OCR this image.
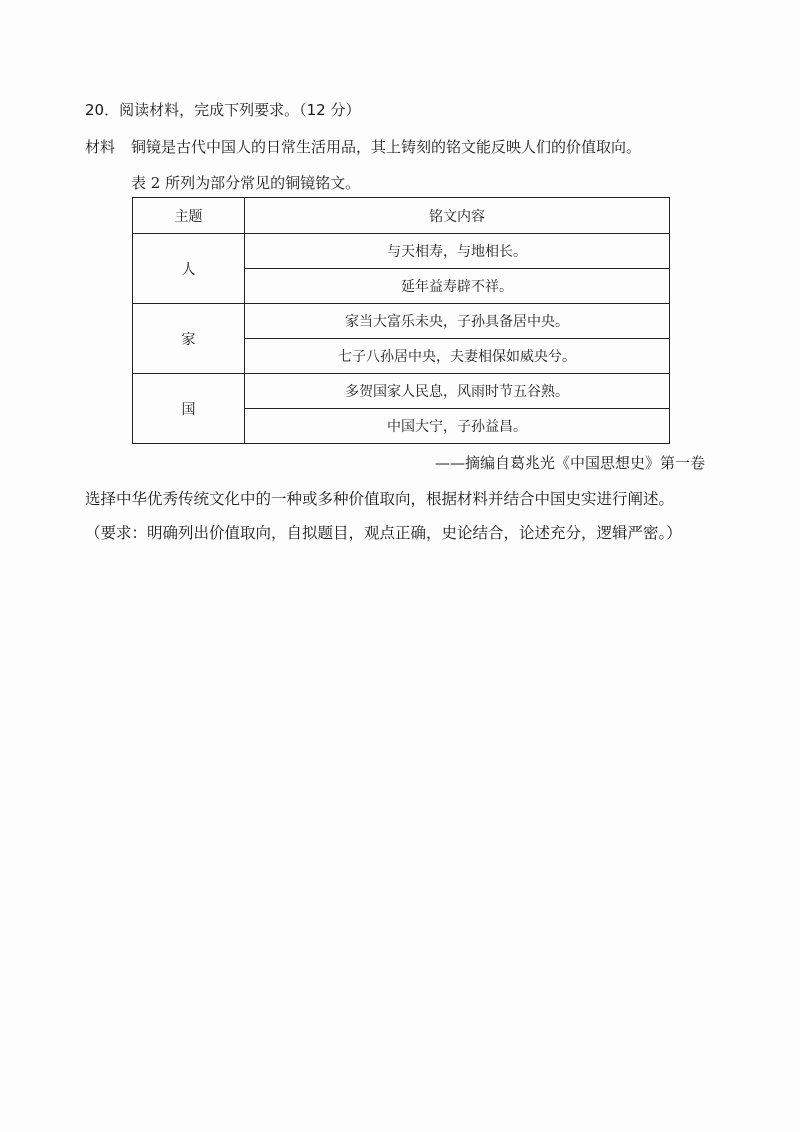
20．阅读材料，完成下列要求。（12 分）
材料 铜镜是古代中国人的日常生活用品，其上铸刻的铭文能反映人们的价值取向。
表 2 所列为部分常见的铜镜铭文。
主题	铭文内容
人	与天相寿，与地相长。
	延年益寿辟不祥。
家	家当大富乐未央，子孙具备居中央。
	七子八孙居中央，夫妻相保如威央兮。
国	多贺国家人民息，风雨时节五谷熟。
	中国大宁，子孙益昌。
——摘编自葛兆光《中国思想史》第一卷
选择中华优秀传统文化中的一种或多种价值取向，根据材料并结合中国史实进行阐述。
（要求：明确列出价值取向，自拟题目，观点正确，史论结合，论述充分，逻辑严密。）
